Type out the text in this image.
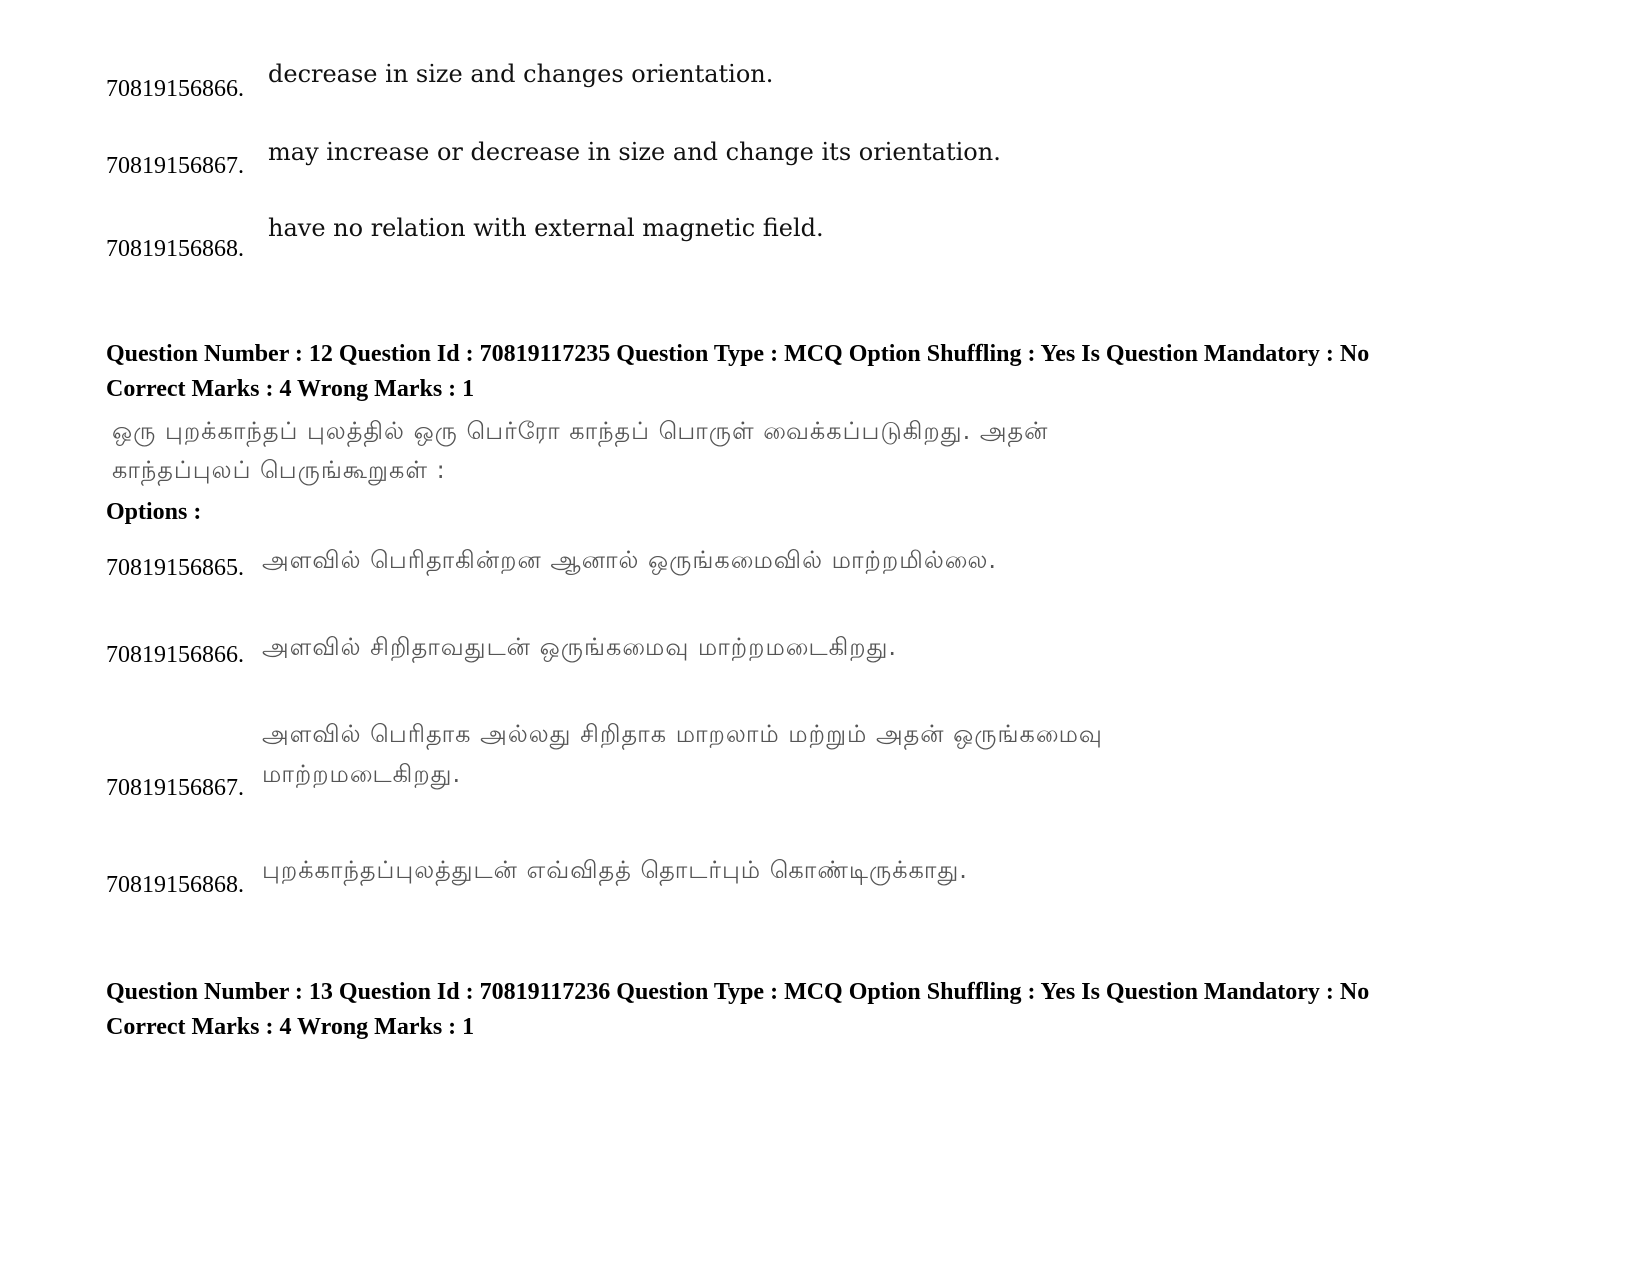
70819156866.
decrease in size and changes orientation.
70819156867. may increase or decrease in size and change its orientation.
70819156868.
have no relation with external magnetic field.
Question Number : 12 Question Id : 70819117235 Question Type : MCQ Option Shuffling : Yes Is Question Mandatory : No
Correct Marks : 4 Wrong Marks : 1
ஒரு புறக்காந்தப் புலத்தில் ஒரு பெர்ரோ காந்தப் பொருள் வைக்கப்படுகிறது. அதன்
காந்தப்புலப் பெருங்கூறுகள் :
Options :
70819156865. அளவில் பெரிதாகின்றன ஆனால் ஒருங்கமைவில் மாற்றமில்லை.
70819156866. அளவில் சிறிதாவதுடன் ஒருங்கமைவு மாற்றமடைகிறது.
70819156867.
அளவில் பெரிதாக அல்லது சிறிதாக மாறலாம் மற்றும் அதன் ஒருங்கமைவு
மாற்றமடைகிறது.
70819156868.
புறக்காந்தப்புலத்துடன் எவ்விதத் தொடர்பும் கொண்டிருக்காது.
Question Number : 13 Question Id : 70819117236 Question Type : MCQ Option Shuffling : Yes Is Question Mandatory : No
Correct Marks : 4 Wrong Marks : 1
